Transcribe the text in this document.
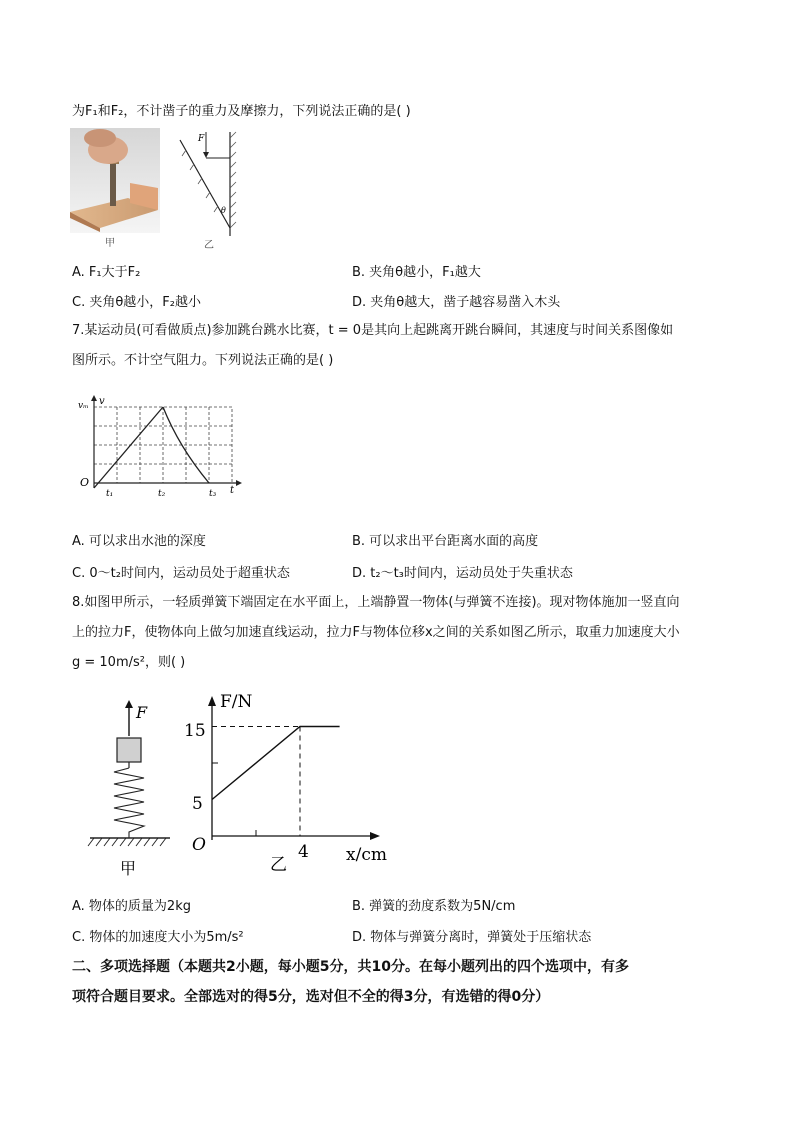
为F₁和F₂，不计凿子的重力及摩擦力，下列说法正确的是( )
甲
F
θ
乙
A. F₁大于F₂	B. 夹角θ越小，F₁越大
C. 夹角θ越小，F₂越小	D. 夹角θ越大，凿子越容易凿入木头
7.某运动员(可看做质点)参加跳台跳水比赛，t = 0是其向上起跳离开跳台瞬间，其速度与时间关系图像如
图所示。不计空气阻力。下列说法正确的是( )
vₘ v
O
t₁	t₂	t₃ t
A. 可以求出水池的深度	B. 可以求出平台距离水面的高度
C. 0～t₂时间内，运动员处于超重状态	D. t₂～t₃时间内，运动员处于失重状态
8.如图甲所示，一轻质弹簧下端固定在水平面上，上端静置一物体(与弹簧不连接)。现对物体施加一竖直向
上的拉力F，使物体向上做匀加速直线运动，拉力F与物体位移x之间的关系如图乙所示，取重力加速度大小
g = 10m/s²，则( )
F
甲
F/N
x/cm
O
15
5
4
乙
A. 物体的质量为2kg	B. 弹簧的劲度系数为5N/cm
C. 物体的加速度大小为5m/s²	D. 物体与弹簧分离时，弹簧处于压缩状态
二、多项选择题（本题共2小题，每小题5分，共10分。在每小题列出的四个选项中，有多
项符合题目要求。全部选对的得5分，选对但不全的得3分，有选错的得0分）
